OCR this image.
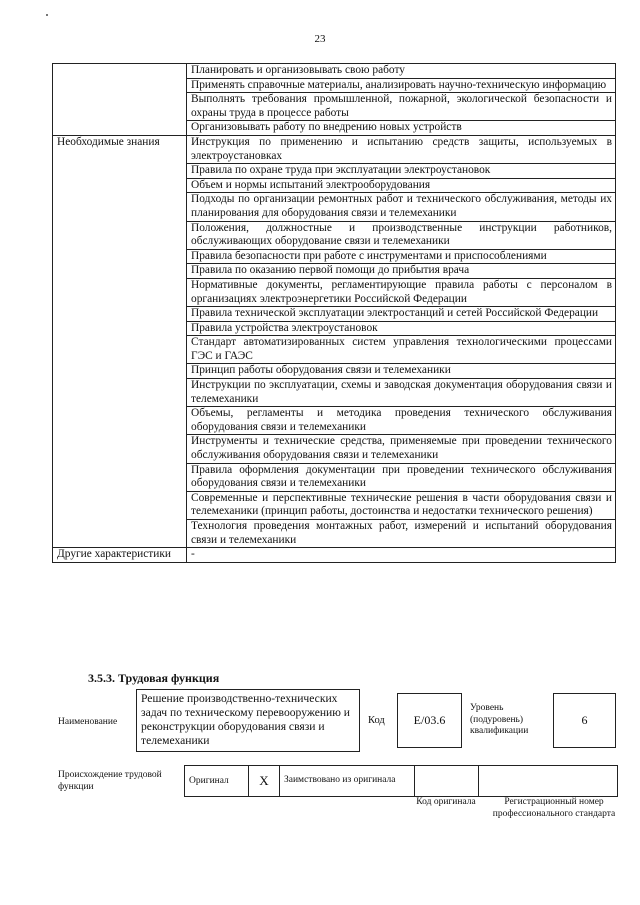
23
	Планировать и организовывать свою работу
	Применять справочные материалы, анализировать научно-техническую информацию
	Выполнять требования промышленной, пожарной, экологической безопасности и охраны труда в процессе работы
	Организовывать работу по внедрению новых устройств
Необходимые знания	Инструкция по применению и испытанию средств защиты, используемых в электроустановках
	Правила по охране труда при эксплуатации электроустановок
	Объем и нормы испытаний электрооборудования
	Подходы по организации ремонтных работ и технического обслуживания, методы их планирования для оборудования связи и телемеханики
	Положения, должностные и производственные инструкции работников, обслуживающих оборудование связи и телемеханики
	Правила безопасности при работе с инструментами и приспособлениями
	Правила по оказанию первой помощи до прибытия врача
	Нормативные документы, регламентирующие правила работы с персоналом в организациях электроэнергетики Российской Федерации
	Правила технической эксплуатации электростанций и сетей Российской Федерации
	Правила устройства электроустановок
	Стандарт автоматизированных систем управления технологическими процессами ГЭС и ГАЭС
	Принцип работы оборудования связи и телемеханики
	Инструкции по эксплуатации, схемы и заводская документация оборудования связи и телемеханики
	Объемы, регламенты и методика проведения технического обслуживания оборудования связи и телемеханики
	Инструменты и технические средства, применяемые при проведении технического обслуживания оборудования связи и телемеханики
	Правила оформления документации при проведении технического обслуживания оборудования связи и телемеханики
	Современные и перспективные технические решения в части оборудования связи и телемеханики (принцип работы, достоинства и недостатки технического решения)
	Технология проведения монтажных работ, измерений и испытаний оборудования связи и телемеханики
Другие характеристики	-
3.5.3. Трудовая функция
Наименование
Решение производственно-технических задач по техническому перевооружению и реконструкции оборудования связи и телемеханики
Код	E/03.6
Уровень (подуровень) квалификации
6
Происхождение трудовой функции
Оригинал	X	Заимствовано из оригинала		
Код оригинала	Регистрационный номер профессионального стандарта
